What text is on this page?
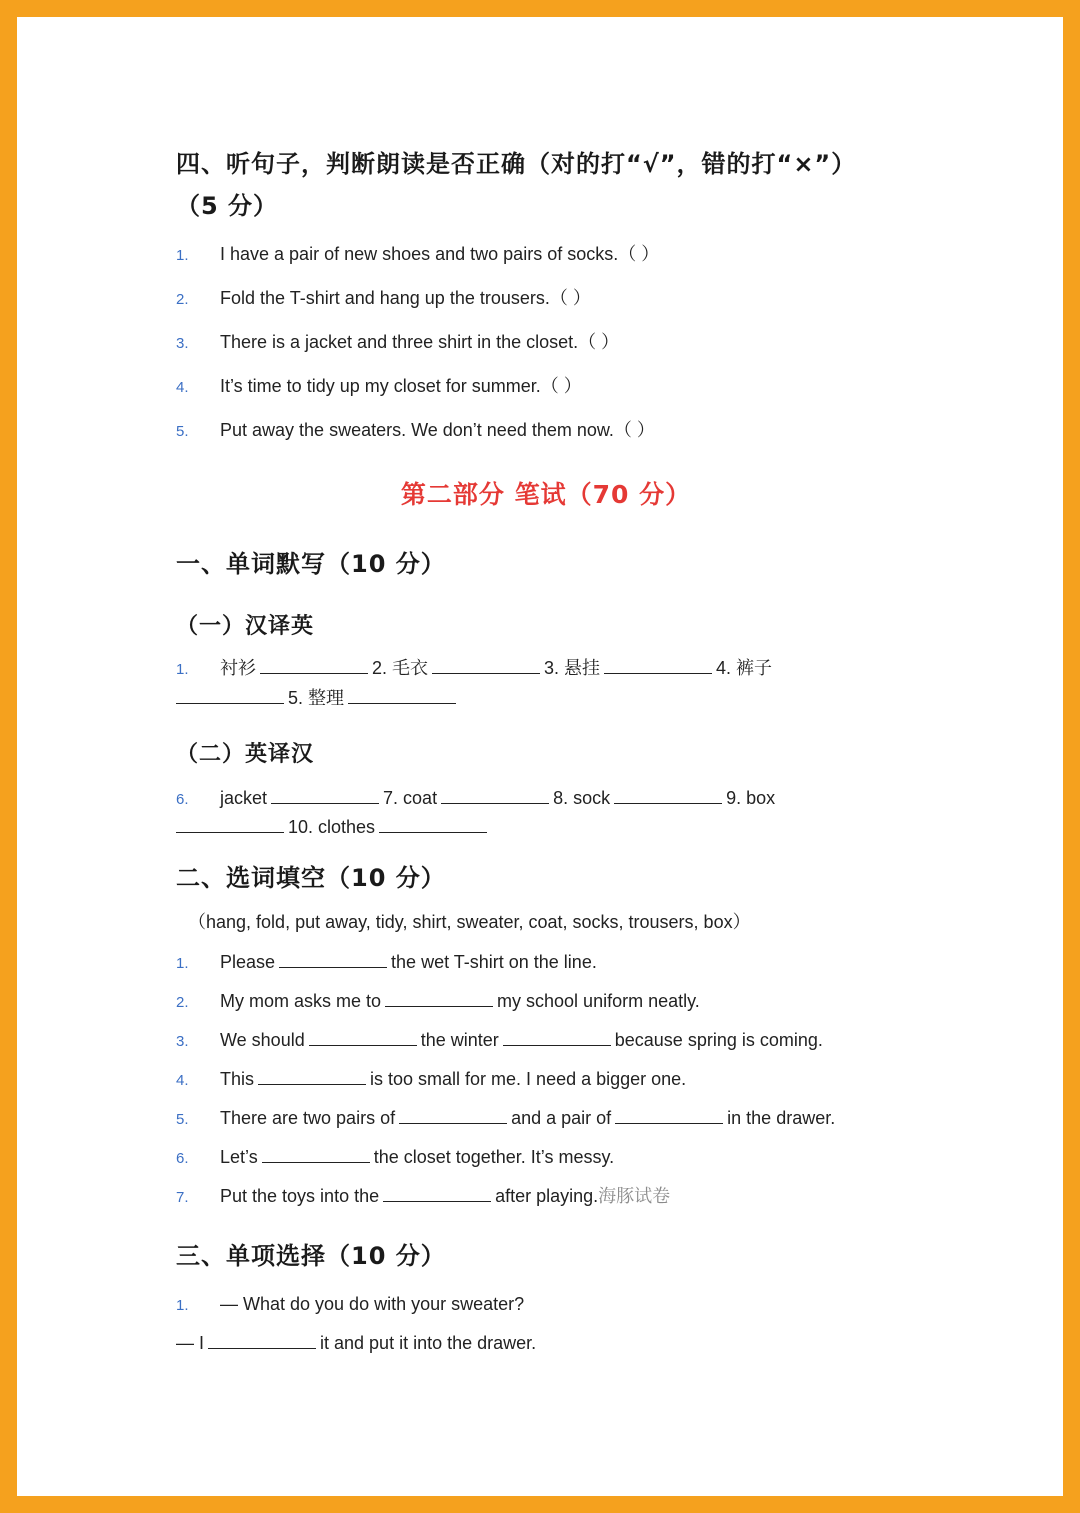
四、听句子，判断朗读是否正确（对的打“√”，错的打“×”）
（5 分）
1.	I have a pair of new shoes and two pairs of socks.（ ）
2.	Fold the T-shirt and hang up the trousers.（ ）
3.	There is a jacket and three shirt in the closet.（ ）
4.	It’s time to tidy up my closet for summer.（ ）
5.	Put away the sweaters. We don’t need them now.（ ）
第二部分 笔试（70 分）
一、单词默写（10 分）
（一）汉译英
1.	衬衫	2. 毛衣	3. 悬挂	4. 裤子
5. 整理
（二）英译汉
6.	jacket	7. coat	8. sock	9. box
10. clothes
二、选词填空（10 分）
（hang, fold, put away, tidy, shirt, sweater, coat, socks, trousers, box）
1.	Please	the wet T-shirt on the line.
2.	My mom asks me to	my school uniform neatly.
3.	We should	the winter	because spring is coming.
4.	This	is too small for me. I need a bigger one.
5.	There are two pairs of	and a pair of	in the drawer.
6.	Let’s	the closet together. It’s messy.
7.	Put the toys into the	after playing.海豚试卷
三、单项选择（10 分）
1.	— What do you do with your sweater?
— I	it and put it into the drawer.
